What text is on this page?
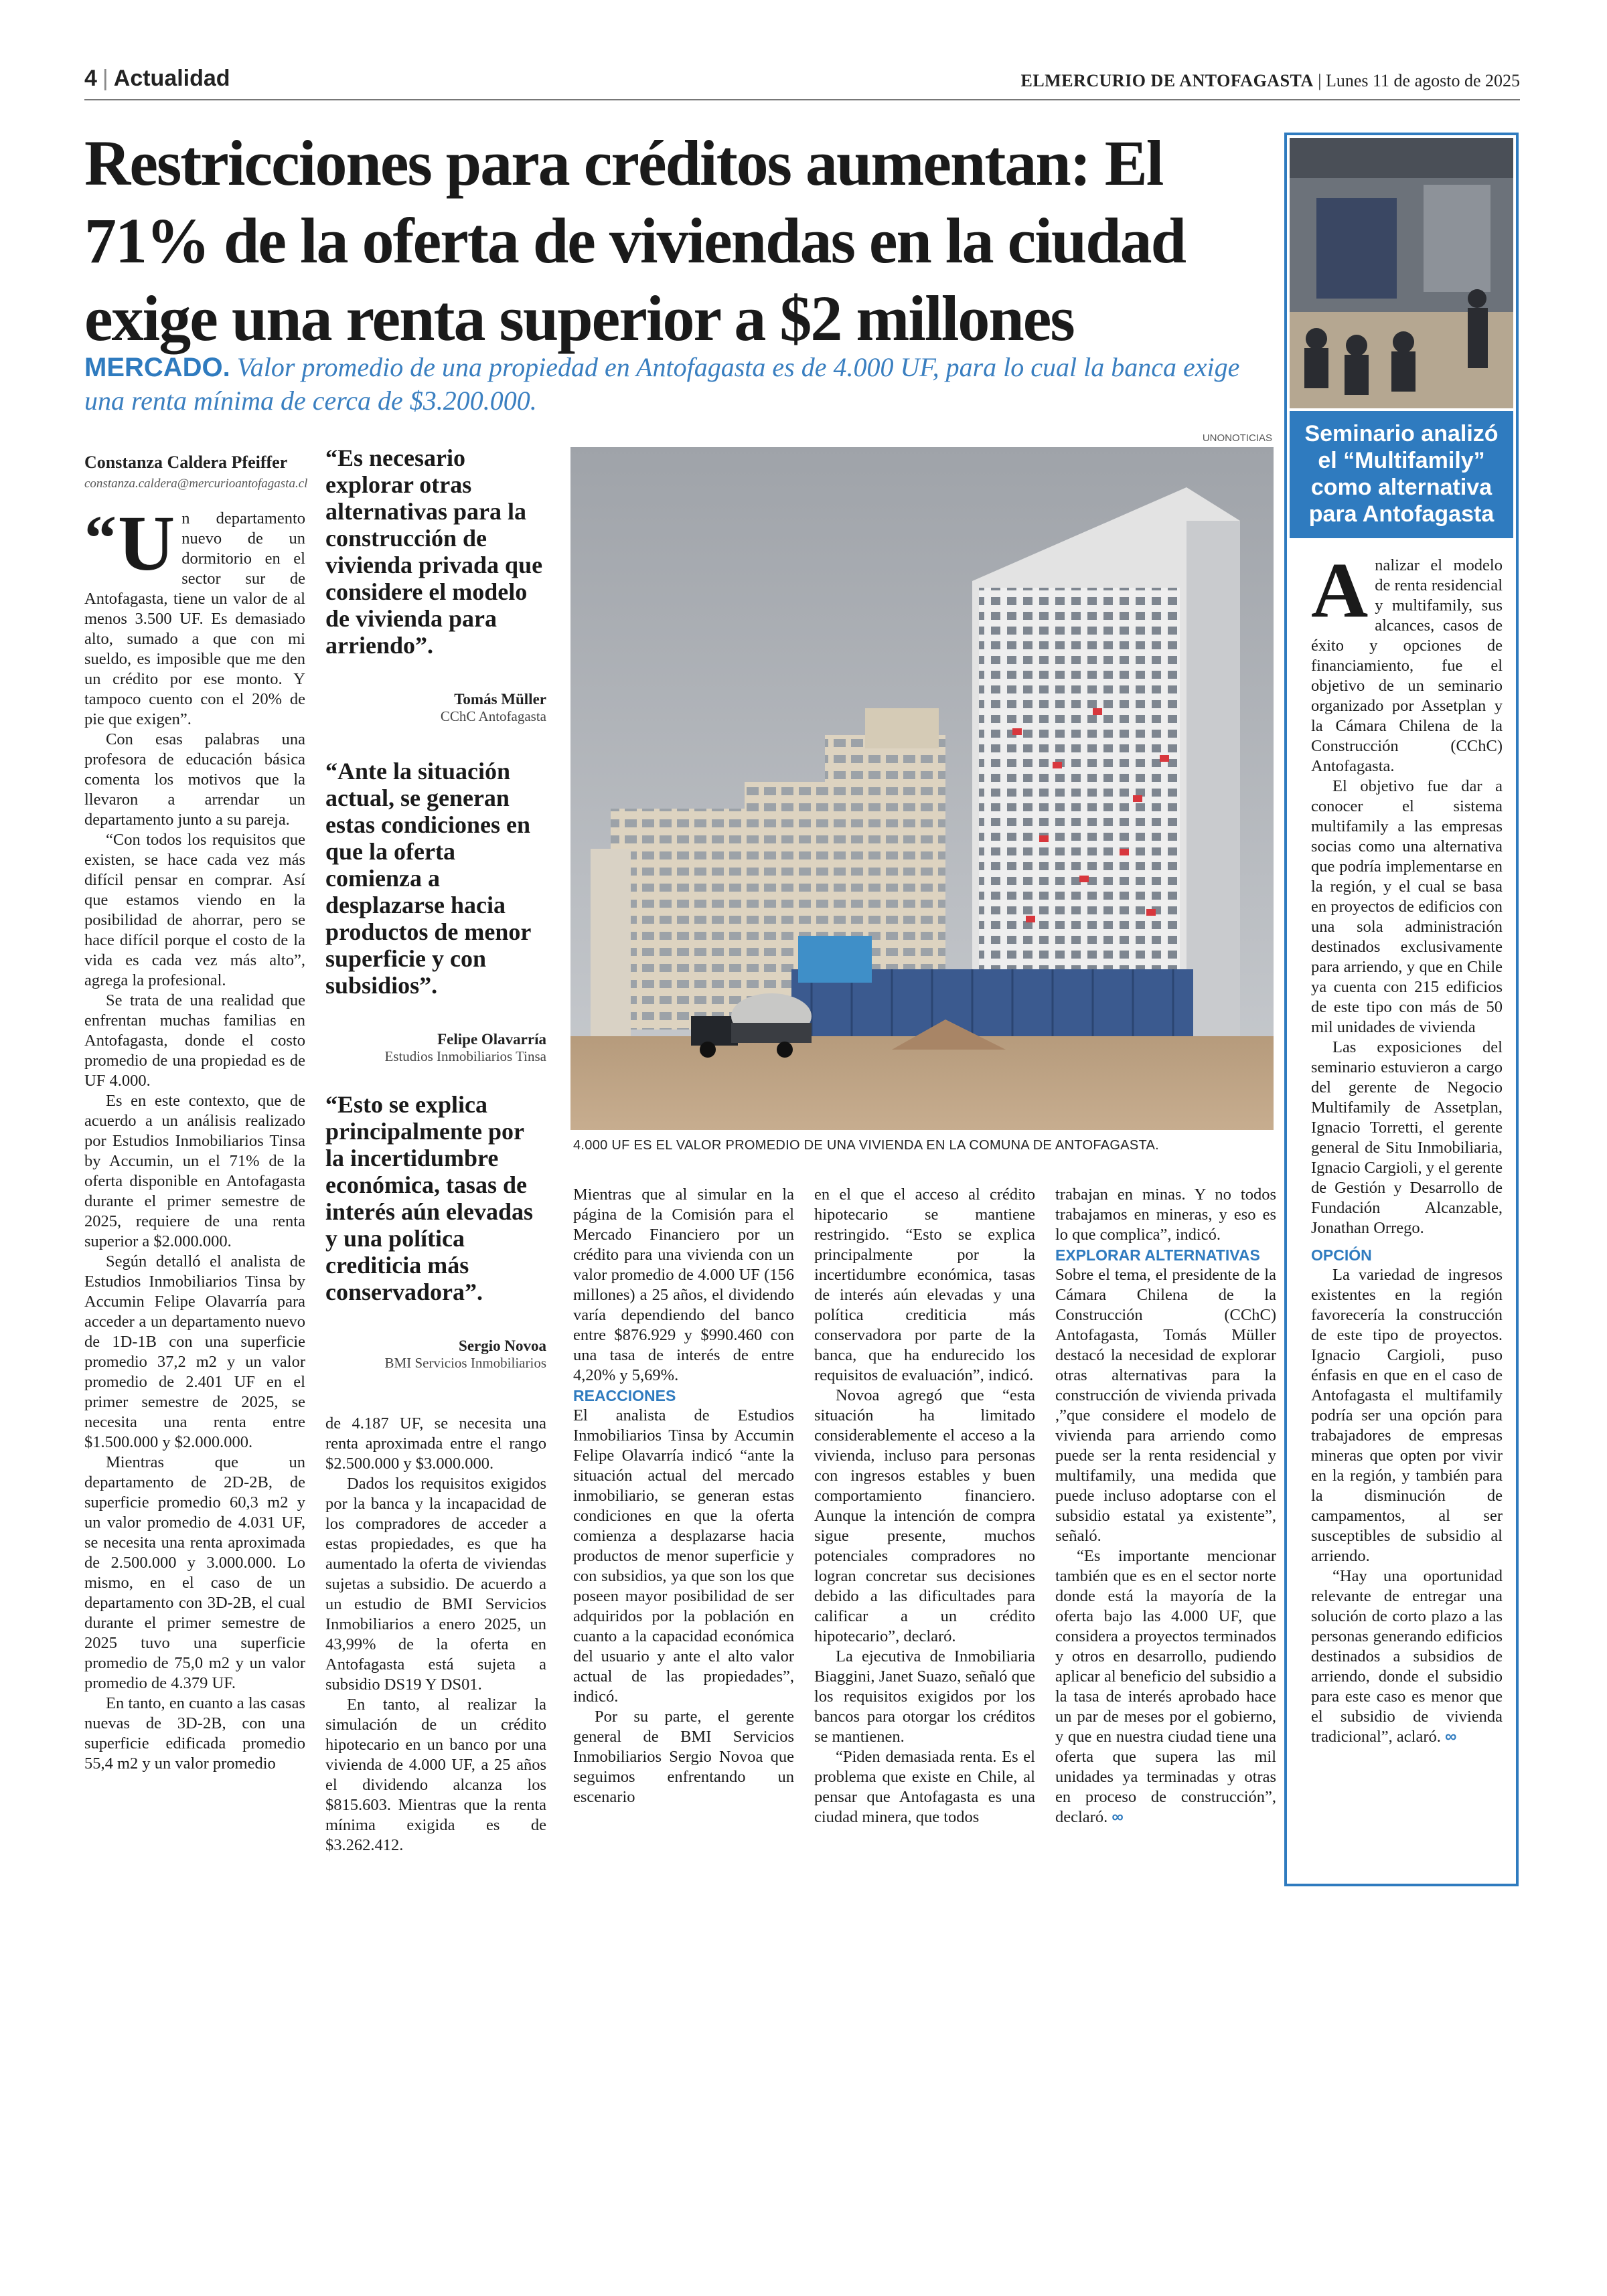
4 | Actualidad	ELMERCURIO DE ANTOFAGASTA | Lunes 11 de agosto de 2025
Restricciones para créditos aumentan: El 71% de la oferta de viviendas en la ciudad exige una renta superior a $2 millones
MERCADO. Valor promedio de una propiedad en Antofagasta es de 4.000 UF, para lo cual la banca exige una renta mínima de cerca de $3.200.000.
Constanza Caldera Pfeiffer
constanza.caldera@mercurioantofagasta.cl

“ U n departamento nuevo de un dormitorio en el sector sur de Antofagasta, tiene un valor de al menos 3.500 UF. Es demasiado alto, sumado a que con mi sueldo, es imposible que me den un crédito por ese monto. Y tampoco cuento con el 20% de pie que exigen”.

Con esas palabras una profesora de educación básica comenta los motivos que la llevaron a arrendar un departamento junto a su pareja.

“Con todos los requisitos que existen, se hace cada vez más difícil pensar en comprar. Así que estamos viendo en la posibilidad de ahorrar, pero se hace difícil porque el costo de la vida es cada vez más alto”, agrega la profesional.

Se trata de una realidad que enfrentan muchas familias en Antofagasta, donde el costo promedio de una propiedad es de UF 4.000.

Es en este contexto, que de acuerdo a un análisis realizado por Estudios Inmobiliarios Tinsa by Accumin, un el 71% de la oferta disponible en Antofagasta durante el primer semestre de 2025, requiere de una renta superior a $2.000.000.

Según detalló el analista de Estudios Inmobiliarios Tinsa by Accumin Felipe Olavarría para acceder a un departamento nuevo de 1D-1B con una superficie promedio 37,2 m2 y un valor promedio de 2.401 UF en el primer semestre de 2025, se necesita una renta entre $1.500.000 y $2.000.000.

Mientras que un departamento de 2D-2B, de superficie promedio 60,3 m2 y un valor promedio de 4.031 UF, se necesita una renta aproximada de 2.500.000 y 3.000.000. Lo mismo, en el caso de un departamento con 3D-2B, el cual durante el primer semestre de 2025 tuvo una superficie promedio de 75,0 m2 y un valor promedio de 4.379 UF.

En tanto, en cuanto a las casas nuevas de 3D-2B, con una superficie edificada promedio 55,4 m2 y un valor promedio

“Es necesario explorar otras alternativas para la construcción de vivienda privada que considere el modelo de vivienda para arriendo”.
Tomás Müller
CChC Antofagasta
“Ante la situación actual, se generan estas condiciones en que la oferta comienza a desplazarse hacia productos de menor superficie y con subsidios”.
Felipe Olavarría
Estudios Inmobiliarios Tinsa
“Esto se explica principalmente por la incertidumbre económica, tasas de interés aún elevadas y una política crediticia más conservadora”.
Sergio Novoa
BMI Servicios Inmobiliarios

de 4.187 UF, se necesita una renta aproximada entre el rango $2.500.000 y $3.000.000.

Dados los requisitos exigidos por la banca y la incapacidad de los compradores de acceder a estas propiedades, es que ha aumentado la oferta de viviendas sujetas a subsidio. De acuerdo a un estudio de BMI Servicios Inmobiliarios a enero 2025, un 43,99% de la oferta en Antofagasta está sujeta a subsidio DS19 Y DS01.

En tanto, al realizar la simulación de un crédito hipotecario en un banco por una vivienda de 4.000 UF, a 25 años el dividendo alcanza los $815.603. Mientras que la renta mínima exigida es de $3.262.412.

UNONOTICIAS
4.000 UF ES EL VALOR PROMEDIO DE UNA VIVIENDA EN LA COMUNA DE ANTOFAGASTA.

Mientras que al simular en la página de la Comisión para el Mercado Financiero por un crédito para una vivienda con un valor promedio de 4.000 UF (156 millones) a 25 años, el dividendo varía dependiendo del banco entre $876.929 y $990.460 con una tasa de interés de entre 4,20% y 5,69%.

REACCIONES

El analista de Estudios Inmobiliarios Tinsa by Accumin Felipe Olavarría indicó “ante la situación actual del mercado inmobiliario, se generan estas condiciones en que la oferta comienza a desplazarse hacia productos de menor superficie y con subsidios, ya que son los que poseen mayor posibilidad de ser adquiridos por la población en cuanto a la capacidad económica del usuario y ante el alto valor actual de las propiedades”, indicó.

Por su parte, el gerente general de BMI Servicios Inmobiliarios Sergio Novoa que seguimos enfrentando un escenario

en el que el acceso al crédito hipotecario se mantiene restringido. “Esto se explica principalmente por la incertidumbre económica, tasas de interés aún elevadas y una política crediticia más conservadora por parte de la banca, que ha endurecido los requisitos de evaluación”, indicó.

Novoa agregó que “esta situación ha limitado considerablemente el acceso a la vivienda, incluso para personas con ingresos estables y buen comportamiento financiero. Aunque la intención de compra sigue presente, muchos potenciales compradores no logran concretar sus decisiones debido a las dificultades para calificar a un crédito hipotecario”, declaró.

La ejecutiva de Inmobiliaria Biaggini, Janet Suazo, señaló que los requisitos exigidos por los bancos para otorgar los créditos se mantienen.

“Piden demasiada renta. Es el problema que existe en Chile, al pensar que Antofagasta es una ciudad minera, que todos

trabajan en minas. Y no todos trabajamos en mineras, y eso es lo que complica”, indicó.

EXPLORAR ALTERNATIVAS

Sobre el tema, el presidente de la Cámara Chilena de la Construcción (CChC) Antofagasta, Tomás Müller destacó la necesidad de explorar otras alternativas para la construcción de vivienda privada ,”que considere el modelo de vivienda para arriendo como puede ser la renta residencial y multifamily, una medida que puede incluso adoptarse con el subsidio estatal ya existente”, señaló.

“Es importante mencionar también que es en el sector norte donde está la mayoría de la oferta bajo las 4.000 UF, que considera a proyectos terminados y otros en desarrollo, pudiendo aplicar al beneficio del subsidio a la tasa de interés aprobado hace un par de meses por el gobierno, y que en nuestra ciudad tiene una oferta que supera las mil unidades ya terminadas y otras en proceso de construcción”, declaró. ∞

Seminario analizó el “Multifamily” como alternativa para Antofagasta

Analizar el modelo de renta residencial y multifamily, sus alcances, casos de éxito y opciones de financiamiento, fue el objetivo de un seminario organizado por Assetplan y la Cámara Chilena de la Construcción (CChC) Antofagasta.

El objetivo fue dar a conocer el sistema multifamily a las empresas socias como una alternativa que podría implementarse en la región, y el cual se basa en proyectos de edificios con una sola administración destinados exclusivamente para arriendo, y que en Chile ya cuenta con 215 edificios de este tipo con más de 50 mil unidades de vivienda

Las exposiciones del seminario estuvieron a cargo del gerente de Negocio Multifamily de Assetplan, Ignacio Torretti, el gerente general de Situ Inmobiliaria, Ignacio Cargioli, y el gerente de Gestión y Desarrollo de Fundación Alcanzable, Jonathan Orrego.

OPCIÓN

La variedad de ingresos existentes en la región favorecería la construcción de este tipo de proyectos. Ignacio Cargioli, puso énfasis en que en el caso de Antofagasta el multifamily podría ser una opción para trabajadores de empresas mineras que opten por vivir en la región, y también para la disminución de campamentos, al ser susceptibles de subsidio al arriendo.

“Hay una oportunidad relevante de entregar una solución de corto plazo a las personas generando edificios destinados a subsidios de arriendo, donde el subsidio para este caso es menor que el subsidio de vivienda tradicional”, aclaró. ∞
